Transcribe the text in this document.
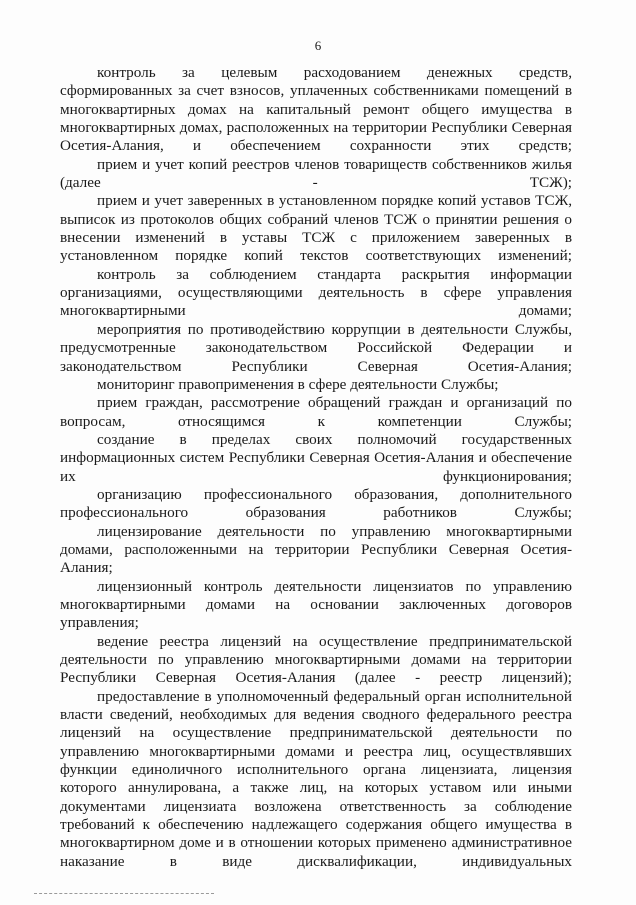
6

контроль за целевым расходованием денежных средств, сформированных за счет взносов, уплаченных собственниками помещений в многоквартирных домах на капитальный ремонт общего имущества в многоквартирных домах, расположенных на территории Республики Северная Осетия-Алания, и обеспечением сохранности этих средств;

прием и учет копий реестров членов товариществ собственников жилья (далее - ТСЖ);

прием и учет заверенных в установленном порядке копий уставов ТСЖ, выписок из протоколов общих собраний членов ТСЖ о принятии решения о внесении изменений в уставы ТСЖ с приложением заверенных в установленном порядке копий текстов соответствующих изменений;

контроль за соблюдением стандарта раскрытия информации организациями, осуществляющими деятельность в сфере управления многоквартирными домами;

мероприятия по противодействию коррупции в деятельности Службы, предусмотренные законодательством Российской Федерации и законодательством Республики Северная Осетия-Алания;

мониторинг правоприменения в сфере деятельности Службы;

прием граждан, рассмотрение обращений граждан и организаций по вопросам, относящимся к компетенции Службы;

создание в пределах своих полномочий государственных информационных систем Республики Северная Осетия-Алания и обеспечение их функционирования;

организацию профессионального образования, дополнительного профессионального образования работников Службы;

лицензирование деятельности по управлению многоквартирными домами, расположенными на территории Республики Северная Осетия-Алания;

лицензионный контроль деятельности лицензиатов по управлению многоквартирными домами на основании заключенных договоров управления;

ведение реестра лицензий на осуществление предпринимательской деятельности по управлению многоквартирными домами на территории Республики Северная Осетия-Алания (далее - реестр лицензий);

предоставление в уполномоченный федеральный орган исполнительной власти сведений, необходимых для ведения сводного федерального реестра лицензий на осуществление предпринимательской деятельности по управлению многоквартирными домами и реестра лиц, осуществлявших функции единоличного исполнительного органа лицензиата, лицензия которого аннулирована, а также лиц, на которых уставом или иными документами лицензиата возложена ответственность за соблюдение требований к обеспечению надлежащего содержания общего имущества в многоквартирном доме и в отношении которых применено административное наказание в виде дисквалификации, индивидуальных
